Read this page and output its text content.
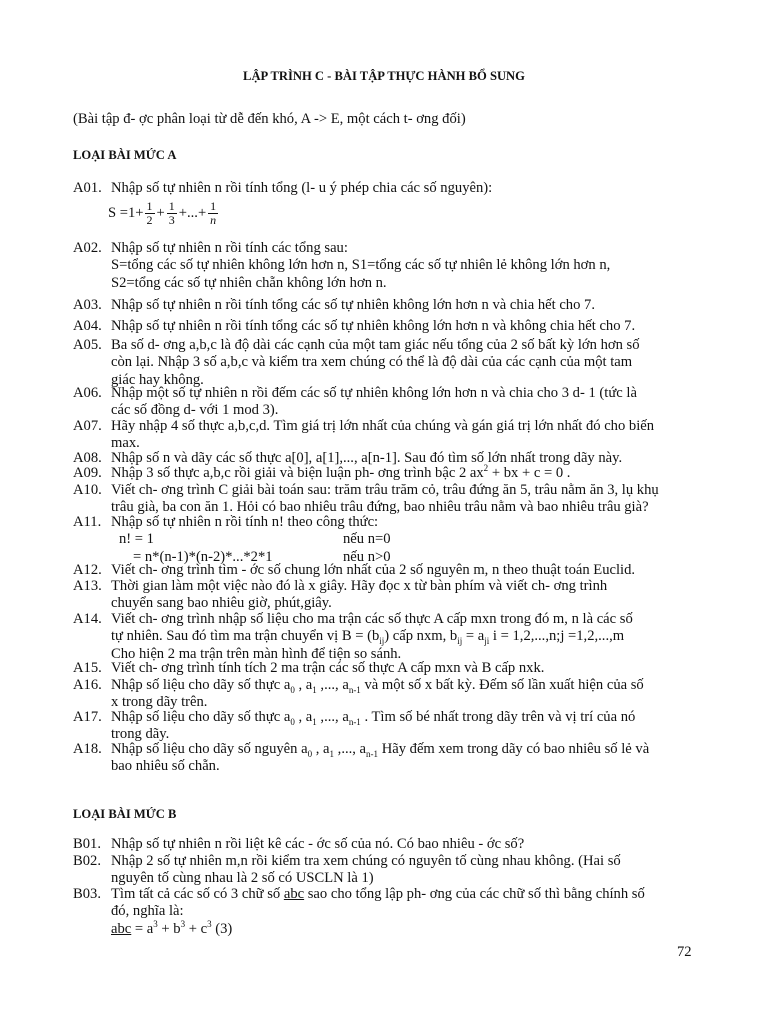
LẬP TRÌNH C - BÀI TẬP THỰC HÀNH BỔ SUNG
(Bài tập đ- ợc phân loại từ dễ đến khó, A -> E, một cách t- ơng đối)
LOẠI BÀI MỨC A
A01. Nhập số tự nhiên n rồi tính tổng (l- u ý phép chia các số nguyên):
$S =1+ \frac{1}{2} + \frac{1}{3}$ +...+ $\frac{1}{n}$
A02. Nhập số tự nhiên n rồi tính các tổng sau:
S=tổng các số tự nhiên không lớn hơn n, S1=tổng các số tự nhiên lẻ không lớn hơn n,
S2=tổng các số tự nhiên chẵn không lớn hơn n.
A03. Nhập số tự nhiên n rồi tính tổng các số tự nhiên không lớn hơn n và chia hết cho 7.
A04. Nhập số tự nhiên n rồi tính tổng các số tự nhiên không lớn hơn n và không chia hết cho 7.
A05. Ba số d- ơng a,b,c là độ dài các cạnh của một tam giác nếu tổng của 2 số bất kỳ lớn hơn số
còn lại. Nhập 3 số a,b,c và kiểm tra xem chúng có thể là độ dài của các cạnh của một tam
giác hay không.
A06. Nhập một số tự nhiên n rồi đếm các số tự nhiên không lớn hơn n và chia cho 3 d- 1 (tức là
các số đồng d- với 1 mod 3).
A07. Hãy nhập 4 số thực a,b,c,d. Tìm giá trị lớn nhất của chúng và gán giá trị lớn nhất đó cho biến
max.
A08. Nhập số n và dãy các số thực a[0], a[1],..., a[n-1]. Sau đó tìm số lớn nhất trong dãy này.
A09. Nhập 3 số thực a,b,c rồi giải và biện luận ph- ơng trình bậc 2 $ax^2$ + bx + c = 0 .
A10. Viết ch- ơng trình C giải bài toán sau: trăm trâu trăm cỏ, trâu đứng ăn 5, trâu nằm ăn 3, lụ khụ
trâu già, ba con ăn 1. Hỏi có bao nhiêu trâu đứng, bao nhiêu trâu nằm và bao nhiêu trâu già?
A11. Nhập số tự nhiên n rồi tính n! theo công thức:
n! = 1	nếu n=0
= n*(n-1)*(n-2)*...*2*1	nếu n>0
A12. Viết ch- ơng trình tìm - ớc số chung lớn nhất của 2 số nguyên m, n theo thuật toán Euclid.
A13. Thời gian làm một việc nào đó là x giây. Hãy đọc x từ bàn phím và viết ch- ơng trình
chuyển sang bao nhiêu giờ, phút,giây.
A14. Viết ch- ơng trình nhập số liệu cho ma trận các số thực A cấp mxn trong đó m, n là các số
tự nhiên. Sau đó tìm ma trận chuyển vị $B = (b_{ij})$ cấp nxm, $b_{ij} = a_{ji}$ i = 1,2,...,n;j =1,2,...,m
Cho hiện 2 ma trận trên màn hình để tiện so sánh.
A15. Viết ch- ơng trình tính tích 2 ma trận các số thực A cấp mxn và B cấp nxk.
A16. Nhập số liệu cho dãy số thực $a_0$ , $a_1$ ,..., $a_{n-1}$ và một số x bất kỳ. Đếm số lần xuất hiện của số
x trong dãy trên.
A17. Nhập số liệu cho dãy số thực $a_0$ , $a_1$ ,..., $a_{n-1}$ . Tìm số bé nhất trong dãy trên và vị trí của nó
trong dãy.
A18. Nhập số liệu cho dãy số nguyên $a_0$ , $a_1$ ,..., $a_{n-1}$ Hãy đếm xem trong dãy có bao nhiêu số lẻ và
bao nhiêu số chẵn.
LOẠI BÀI MỨC B
B01. Nhập số tự nhiên n rồi liệt kê các - ớc số của nó. Có bao nhiêu - ớc số?
B02. Nhập 2 số tự nhiên m,n rồi kiểm tra xem chúng có nguyên tố cùng nhau không. (Hai số
nguyên tố cùng nhau là 2 số có USCLN là 1)
B03. Tìm tất cả các số có 3 chữ số abc sao cho tổng lập ph- ơng của các chữ số thì bằng chính số
đó, nghĩa là:
abc = $a^3 + b^3 + c^3$ (3)
72
